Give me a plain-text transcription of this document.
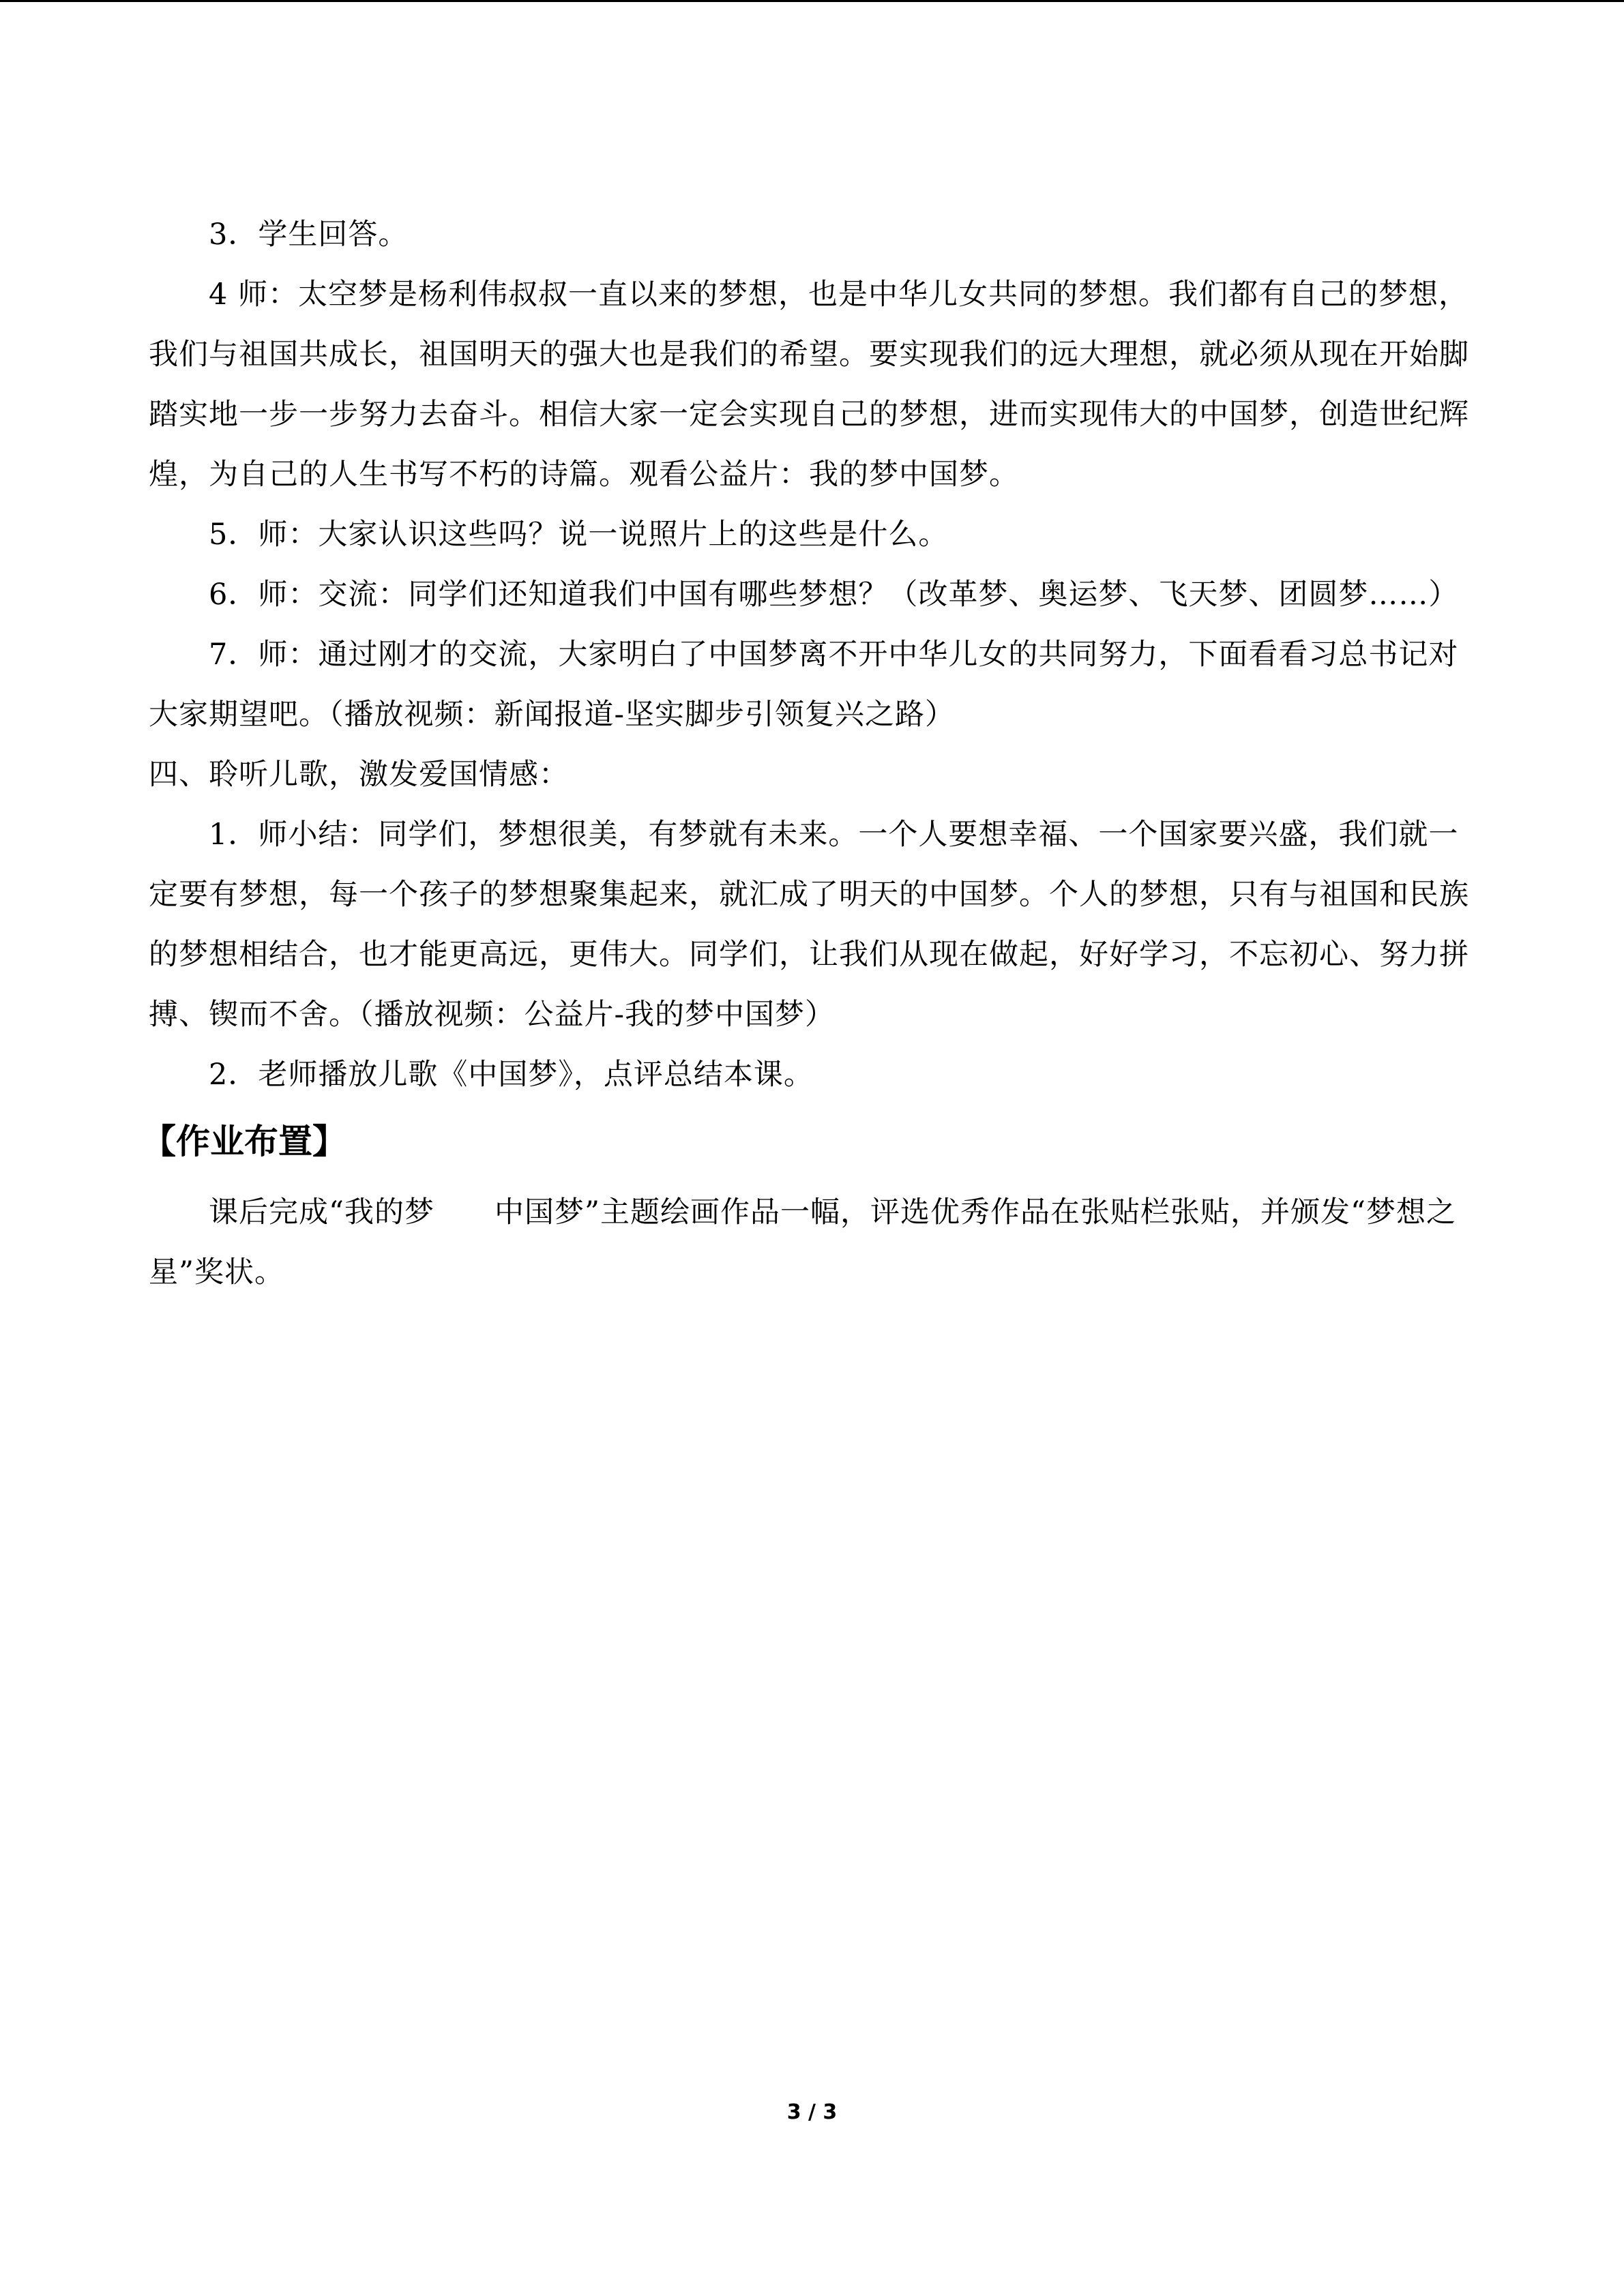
3．学生回答。

4 师：太空梦是杨利伟叔叔一直以来的梦想，也是中华儿女共同的梦想。我们都有自己的梦想，我们与祖国共成长，祖国明天的强大也是我们的希望。要实现我们的远大理想，就必须从现在开始脚踏实地一步一步努力去奋斗。相信大家一定会实现自己的梦想，进而实现伟大的中国梦，创造世纪辉煌，为自己的人生书写不朽的诗篇。观看公益片：我的梦中国梦。

5．师：大家认识这些吗？说一说照片上的这些是什么。

6．师：交流：同学们还知道我们中国有哪些梦想？（改革梦、奥运梦、飞天梦、团圆梦……）

7．师：通过刚才的交流，大家明白了中国梦离不开中华儿女的共同努力，下面看看习总书记对大家期望吧。（播放视频：新闻报道-坚实脚步引领复兴之路）

四、聆听儿歌，激发爱国情感：

1．师小结：同学们，梦想很美，有梦就有未来。一个人要想幸福、一个国家要兴盛，我们就一定要有梦想，每一个孩子的梦想聚集起来，就汇成了明天的中国梦。个人的梦想，只有与祖国和民族的梦想相结合，也才能更高远，更伟大。同学们，让我们从现在做起，好好学习，不忘初心、努力拼搏、锲而不舍。（播放视频：公益片-我的梦中国梦）

2．老师播放儿歌《中国梦》，点评总结本课。

【作业布置】

课后完成“我的梦　　中国梦”主题绘画作品一幅，评选优秀作品在张贴栏张贴，并颁发“梦想之星”奖状。

3 / 3
